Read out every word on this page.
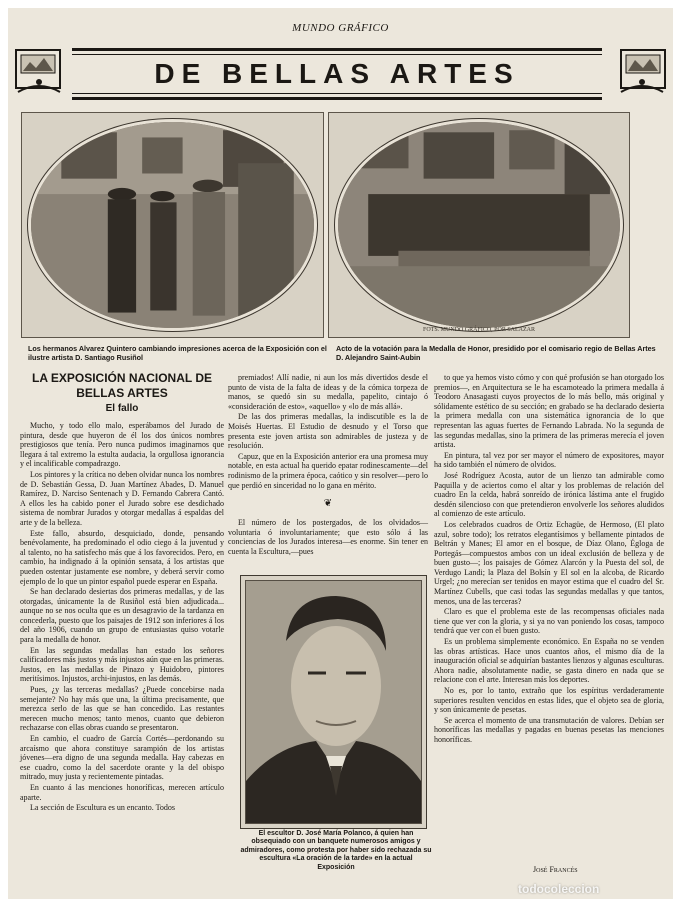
MUNDO GRÁFICO
DE BELLAS ARTES
FOTS. MUNDO GRÁFICO, POR SALAZAR
Los hermanos Alvarez Quintero cambiando impresiones acerca de la Exposición con el ilustre artista D. Santiago Rusiñol
Acto de la votación para la Medalla de Honor, presidido por el comisario regio de Bellas Artes D. Alejandro Saint-Aubin
LA EXPOSICIÓN NACIONAL DE BELLAS ARTES
El fallo

Mucho, y todo ello malo, esperábamos del Jurado de pintura, desde que huyeron de él los dos únicos nombres prestigiosos que tenía. Pero nunca pudimos imaginarnos que llegara á tal extremo la estulta audacia, la orgullosa ignorancia y el incalificable compadrazgo.

Los pintores y la crítica no deben olvidar nunca los nombres de D. Sebastián Gessa, D. Juan Martínez Abades, D. Manuel Ramírez, D. Narciso Sentenach y D. Fernando Cabrera Cantó. A ellos les ha cabido poner el Jurado sobre ese desdichado sistema de nombrar Jurados y otorgar medallas á espaldas del arte y de la belleza.

Este fallo, absurdo, desquiciado, donde, pensando benévolamente, ha predominado el odio ciego á la juventud y al talento, no ha satisfecho más que á los favorecidos. Pero, en cambio, ha indignado á la opinión sensata, á los artistas que pueden ostentar justamente ese nombre, y deberá servir como ejemplo de lo que un pintor español puede esperar en España.

Se han declarado desiertas dos primeras medallas, y de las otorgadas, únicamente la de Rusiñol está bien adjudicada... aunque no se nos oculta que es un desagravio de la tardanza en concederla, puesto que los paisajes de 1912 son inferiores á los del año 1906, cuando un grupo de entusiastas quiso votarle para la medalla de honor.

En las segundas medallas han estado los señores calificadores más justos y más injustos aún que en las primeras. Justos, en las medallas de Pinazo y Huidobro, pintores meritísimos. Injustos, archi-injustos, en las demás.

Pues, ¿y las terceras medallas? ¿Puede concebirse nada semejante? No hay más que una, la última precisamente, que merezca serlo de las que se han concedido. Las restantes merecen mucho menos; tanto menos, cuanto que debieron rechazarse con ellas obras cuando se presentaron.

En cambio, el cuadro de García Cortés—perdonando su arcaísmo que ahora constituye sarampión de los artistas jóvenes—era digno de una segunda medalla. Hay cabezas en ese cuadro, como la del sacerdote orante y la del obispo mitrado, muy justa y recientemente pintadas.

En cuanto á las menciones honoríficas, merecen artículo aparte.

La sección de Escultura es un encanto. Todos

premiados! Allí nadie, ni aun los más divertidos desde el punto de vista de la falta de ideas y de la cómica torpeza de manos, se quedó sin su medalla, papelito, cintajo ó «consideración de esto», «aquello» y «lo de más allá».

De las dos primeras medallas, la indiscutible es la de Moisés Huertas. El Estudio de desnudo y el Torso que presenta este joven artista son admirables de justeza y de resolución.

Capuz, que en la Exposición anterior era una promesa muy notable, en esta actual ha querido epatar rodinescamente—del rodinismo de la primera época, caótico y sin resolver—pero lo que perdió en sinceridad no lo gana en mérito.

❦

El número de los postergados, de los olvidados—voluntaria ó involuntariamente; que esto sólo á las conciencias de los Jurados interesa—es enorme. Sin tener en cuenta la Escultura,—pues

El escultor D. José María Polanco, á quien han obsequiado con un banquete numerosos amigos y admiradores, como protesta por haber sido rechazada su escultura «La oración de la tarde» en la actual Exposición

to que ya hemos visto cómo y con qué profusión se han otorgado los premios—, en Arquitectura se le ha escamoteado la primera medalla á Teodoro Anasagasti cuyos proyectos de lo más bello, más original y sólidamente estético de su sección; en grabado se ha declarado desierta la primera medalla con una sistemática ignorancia de lo que representan las aguas fuertes de Fernando Labrada. No la segunda de las segundas medallas, sino la primera de las primeras merecía el joven artista.

En pintura, tal vez por ser mayor el número de expositores, mayor ha sido también el número de olvidos.

José Rodríguez Acosta, autor de un lienzo tan admirable como Paquilla y de aciertos como el altar y los problemas de relación del cuadro En la celda, habrá sonreído de irónica lástima ante el frugido desdén silencioso con que pretendieron envolverle los señores aludidos al comienzo de este artículo.

Los celebrados cuadros de Ortiz Echagüe, de Hermoso, (El plato azul, sobre todo); los retratos elegantísimos y bellamente pintados de Beltrán y Manes; El amor en el bosque, de Díaz Olano, Égloga de Portegás—compuestos ambos con un ideal exclusión de belleza y de buen gusto—; los paisajes de Gómez Alarcón y la Puesta del sol, de Verdugo Landi; la Plaza del Bolsín y El sol en la alcoba, de Ricardo Urgel; ¿no merecían ser tenidos en mayor estima que el cuadro del Sr. Martínez Cubells, que casi todas las segundas medallas y que tantos, menos, una de las terceras?

Claro es que el problema este de las recompensas oficiales nada tiene que ver con la gloria, y si ya no van poniendo los cosas, tampoco tendrá que ver con el buen gusto.

Es un problema simplemente económico. En España no se venden las obras artísticas. Hace unos cuantos años, el mismo día de la inauguración oficial se adquirían bastantes lienzos y algunas esculturas. Ahora nadie, absolutamente nadie, se gasta dinero en nada que se relacione con el arte. Interesan más los deportes.

No es, por lo tanto, extraño que los espíritus verdaderamente superiores resulten vencidos en estas lides, que el objeto sea de gloria, y son únicamente de pesetas.

Se acerca el momento de una transmutación de valores. Debían ser honoríficas las medallas y pagadas en buenas pesetas las menciones honoríficas.

José Francés
todocoleccion
